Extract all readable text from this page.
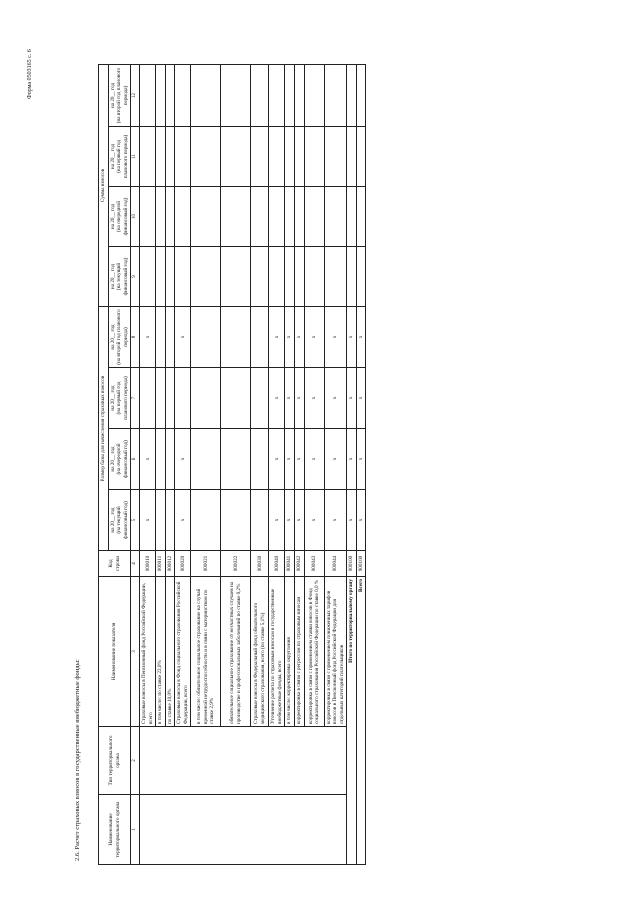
Форма 0503165 с. 6
2.6. Расчет страховых взносов в государственные внебюджетные фонды:	Наименование территориального органа	Тип территориального органа	Наименование показателя	Код строки	Размер базы для начисления страховых взносов				Сумма взносов			

				на 20__ год (на текущий финансовый год)	на 20__ год (на очередной финансовый год)	на 20__ год (на первый год планового периода)	на 20__ год (на второй год планового периода)	на 20__ год (на текущий финансовый год)	на 20__ год (на очередной финансовый год)	на 20__ год (на первый год планового периода)	на 20__ год (на второй год планового периода)

1	2	3	4	5	6	7	8	9	10	11	12
		Страховые взносы в Пенсионный фонд Российской Федерации, всего	000010	x	x		x				
		в том числе: по ставке 22,0%	000011								
		по ставке 10,0%	000012								
		Страховые взносы в Фонд социального страхования Российской Федерации, всего	000020	x	x		x				
		в том числе: обязательное социальное страхование на случай временной нетрудоспособности и в связи с материнством по ставке 2,9%	000021								
		обязательное социальное страхование от несчастных случаев на производстве и профессиональных заболеваний по ставке 0,2%	000022								
		Страховые взносы в Федеральный фонд обязательного медицинского страхования, всего (по ставке 5,1%)	000030								
		Уточнение расчета по страховым взносам в государственные внебюджетные фонды, всего	000040	x	x	x	x				
		в том числе: корректировка округления	000041	x	x	x	x				
		корректировка в связи с регрессом по страховым взносам	000042	x	x	x	x				
		корректировка в связи с применением ставки взносов в Фонд социального страхования Российской Федерации по ставке 0,0 %	000043	x	x	x	x				
		корректировка в связи с применением пониженных тарифов взносов в Пенсионный фонд Российской Федерации для отдельных категорий плательщиков	000044	x	x	x	x				
Итого по территориальному органу			000100	x	x	x	x				
Всего			900100	x	x	x	x				
